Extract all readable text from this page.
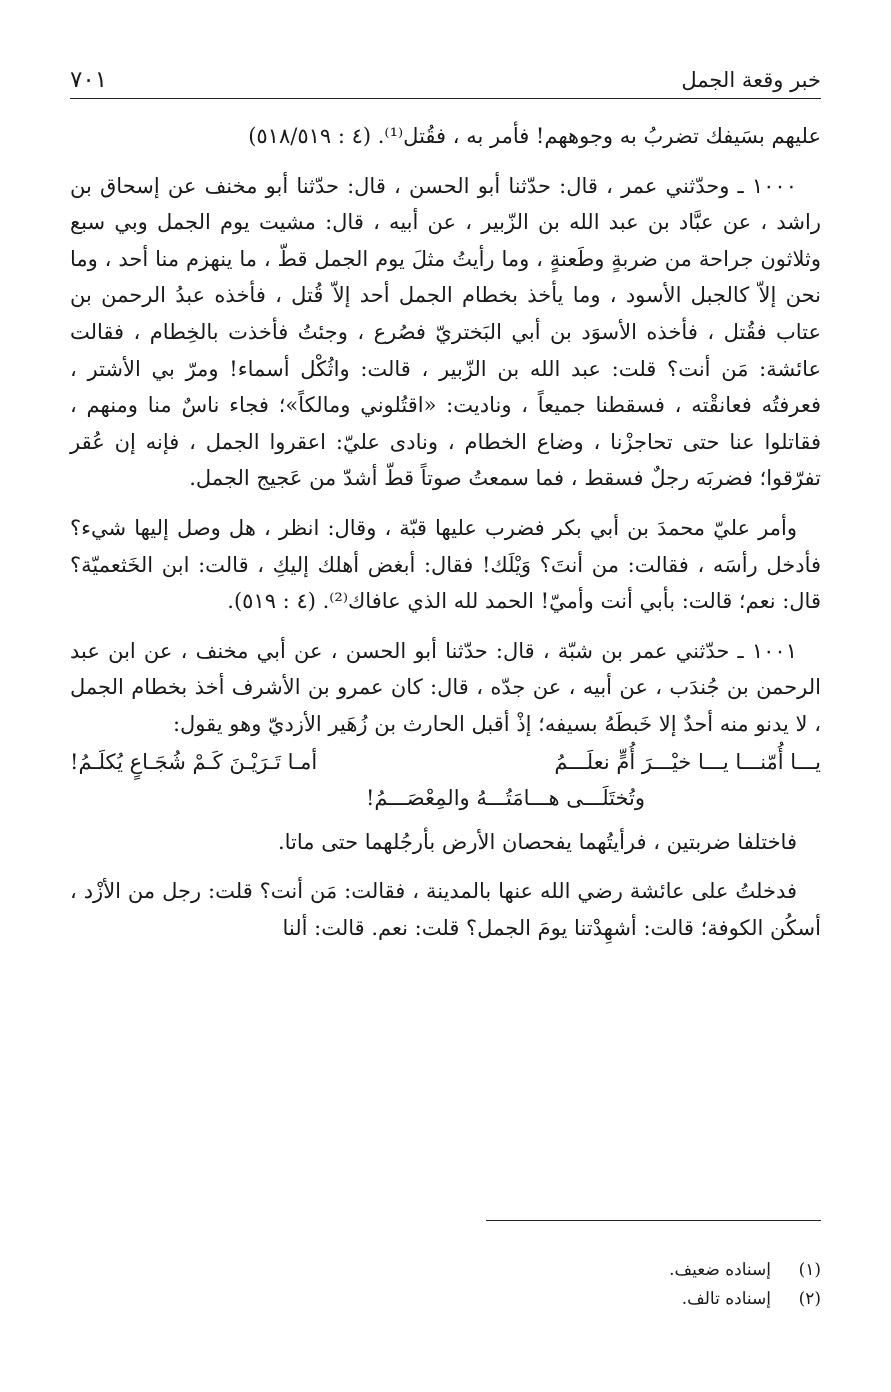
٧٠١	خبر وقعة الجمل

عليهم بسَيفك تضربُ به وجوههم! فأمر به ، فقُتل⁽¹⁾. (٤ : ٥١٨/٥١٩)

١٠٠٠ ـ وحدّثني عمر ، قال: حدّثنا أبو الحسن ، قال: حدّثنا أبو مخنف عن إسحاق بن راشد ، عن عبَّاد بن عبد الله بن الزّبير ، عن أبيه ، قال: مشيت يوم الجمل وبي سبع وثلاثون جراحة من ضربةٍ وطَعنةٍ ، وما رأيتُ مثلَ يوم الجمل قطّ ، ما ينهزم منا أحد ، وما نحن إلاّ كالجبل الأسود ، وما يأخذ بخطام الجمل أحد إلاّ قُتل ، فأخذه عبدُ الرحمن بن عتاب فقُتل ، فأخذه الأسوَد بن أبي البَختريّ فصُرع ، وجئتُ فأخذت بالخِطام ، فقالت عائشة: مَن أنت؟ قلت: عبد الله بن الزّبير ، قالت: واثُكْل أسماء! ومرّ بي الأشتر ، فعرفتُه فعانقْته ، فسقطنا جميعاً ، وناديت: «اقتُلوني ومالكاً»؛ فجاء ناسٌ منا ومنهم ، فقاتلوا عنا حتى تحاجزْنا ، وضاع الخطام ، ونادى عليّ: اعقروا الجمل ، فإنه إن عُقر تفرّقوا؛ فضربَه رجلٌ فسقط ، فما سمعتُ صوتاً قطّ أشدّ من عَجيج الجمل.

وأمر عليّ محمدَ بن أبي بكر فضرب عليها قبّة ، وقال: انظر ، هل وصل إليها شيء؟ فأدخل رأسَه ، فقالت: من أنتَ؟ وَيْلَك! فقال: أبغض أهلك إليكِ ، قالت: ابن الخَثعميّة؟ قال: نعم؛ قالت: بأبي أنت وأميّ! الحمد لله الذي عافاك⁽²⁾. (٤ : ٥١٩).

١٠٠١ ـ حدّثني عمر بن شبّة ، قال: حدّثنا أبو الحسن ، عن أبي مخنف ، عن ابن عبد الرحمن بن جُندَب ، عن أبيه ، عن جدّه ، قال: كان عمرو بن الأشرف أخذ بخطام الجمل ، لا يدنو منه أحدٌ إلا خَبطَهُ بسيفه؛ إذْ أقبل الحارث بن زُهَير الأزديّ وهو يقول:

يـــا أُمّنـــا يـــا خيْـــرَ أُمٍّ نعلَـــمُ
أمـا تَـرَيْـنَ كَـمْ شُجَـاعٍ يُكلَـمُ!
وتُختَلَـــى هـــامَتُـــهُ والمِعْصَـــمُ!

فاختلفا ضربتين ، فرأيتُهما يفحصان الأرض بأرجُلهما حتى ماتا.

فدخلتُ على عائشة رضي الله عنها بالمدينة ، فقالت: مَن أنت؟ قلت: رجل من الأزْد ، أسكُن الكوفة؛ قالت: أشهِدْتنا يومَ الجمل؟ قلت: نعم. قالت: ألنا

(١)
إسناده ضعيف.
(٢)
إسناده تالف.
